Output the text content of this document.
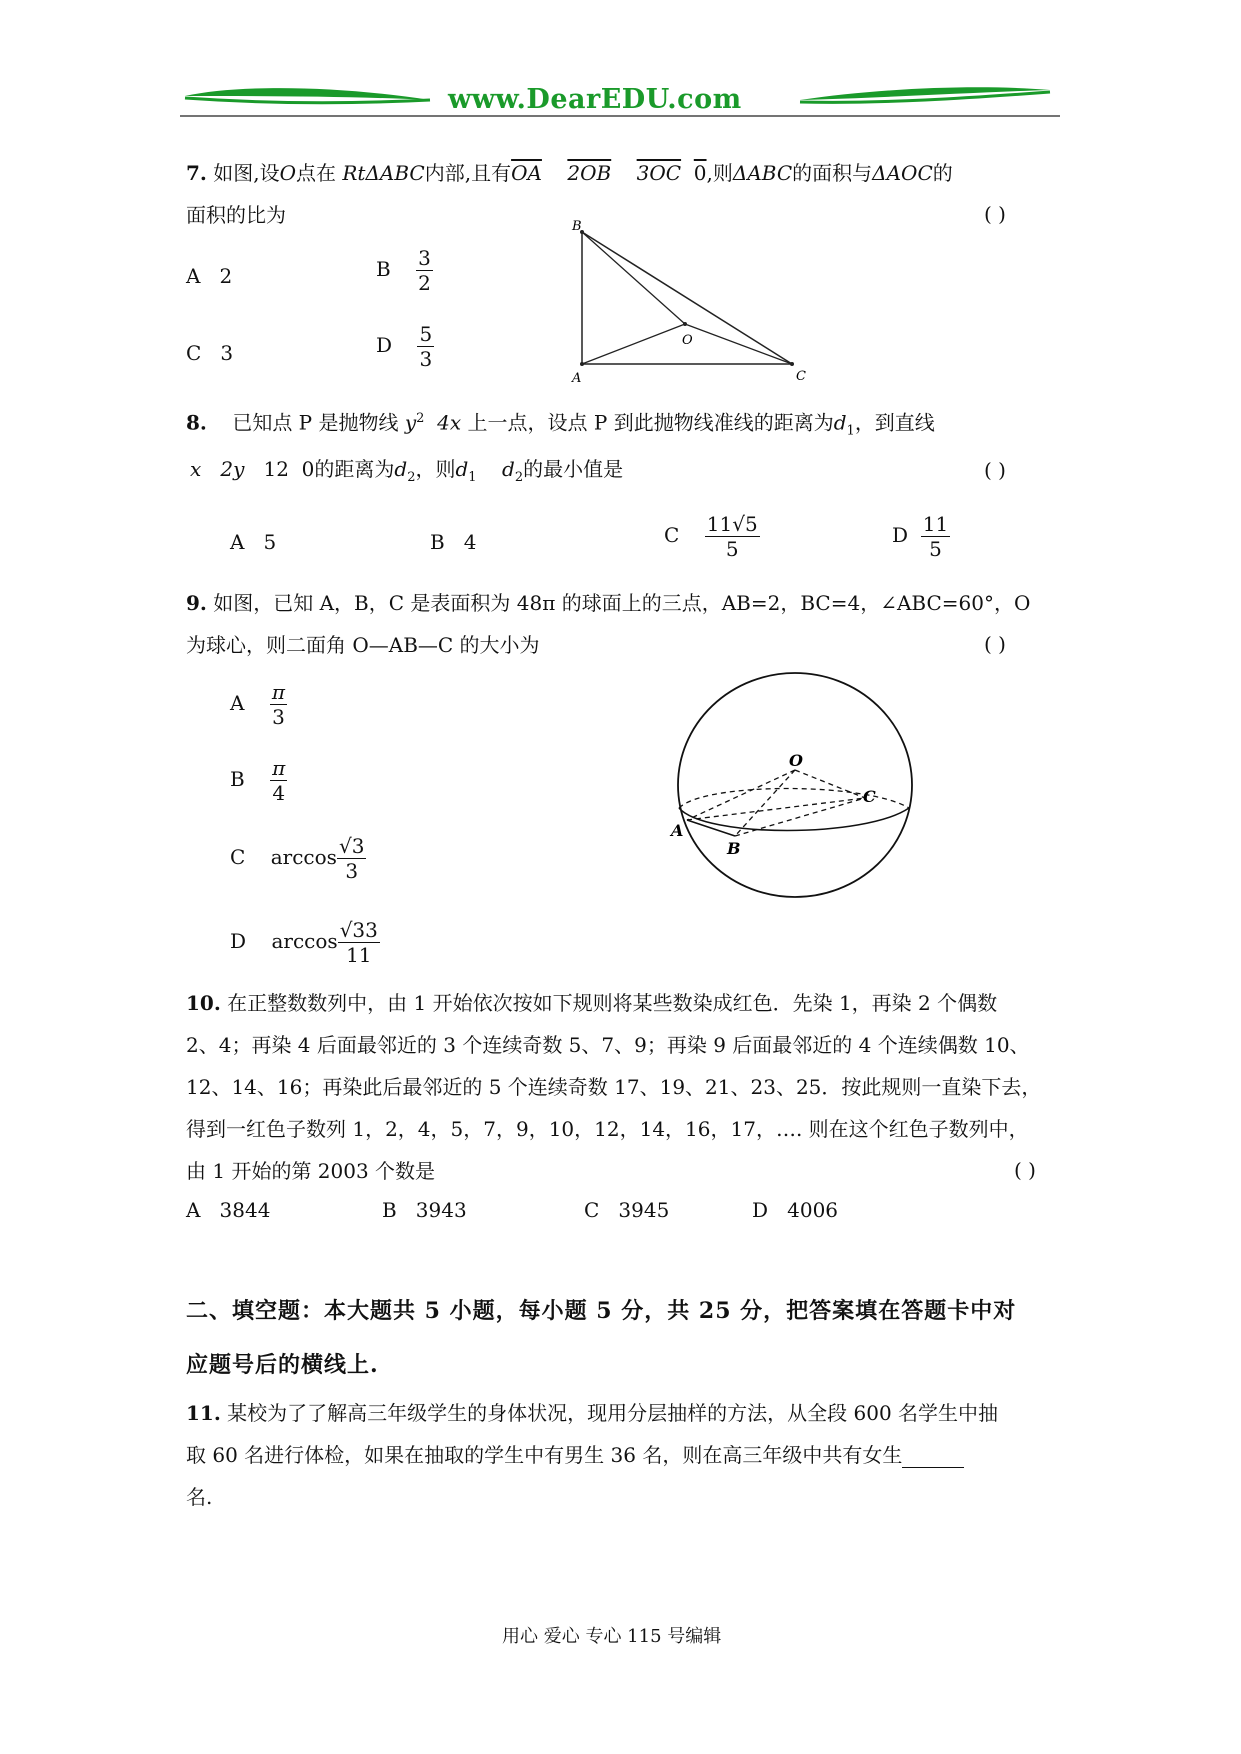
www.DearEDU.com
7. 如图,设O点在 RtΔABC内部,且有$\overline{OA}$ 2OB 3OC 0,则ΔABC的面积与ΔAOC的
面积的比为	( )
A 2	B $\frac{3}{2}$
C 3	D $\frac{5}{3}$
B
O
A	C
8. 已知点 P 是抛物线 $y^2$ 4x 上一点，设点 P 到此抛物线准线的距离为$d_1$，到直线
x 2y 12 0的距离为$d_2$，则$d_1$ $d_2$的最小值是	( )
A 5	B 4	C $\frac{11√5}{5}$	D $\frac{11}{5}$
9. 如图，已知 A，B，C 是表面积为 48π 的球面上的三点，AB=2，BC=4，∠ABC=60°，O
为球心，则二面角 O—AB—C 的大小为	( )
A $\frac{\pi}{3}$
B $\frac{\pi}{4}$
C $\arccos \frac{√3}{3}$
D $\arccos \frac{√33}{11}$
O
C
A
B
10. 在正整数数列中，由 1 开始依次按如下规则将某些数染成红色．先染 1，再染 2 个偶数
2、4；再染 4 后面最邻近的 3 个连续奇数 5、7、9；再染 9 后面最邻近的 4 个连续偶数 10、
12、14、16；再染此后最邻近的 5 个连续奇数 17、19、21、23、25．按此规则一直染下去，
得到一红色子数列 1，2，4，5，7，9，10，12，14，16，17，…. 则在这个红色子数列中，
由 1 开始的第 2003 个数是	( )
A 3844	B 3943	C 3945	D 4006
二、填空题：本大题共 5 小题，每小题 5 分，共 25 分，把答案填在答题卡中对
应题号后的横线上.
11. 某校为了了解高三年级学生的身体状况，现用分层抽样的方法，从全段 600 名学生中抽
取 60 名进行体检，如果在抽取的学生中有男生 36 名，则在高三年级中共有女生
名.
用心 爱心 专心 115 号编辑
